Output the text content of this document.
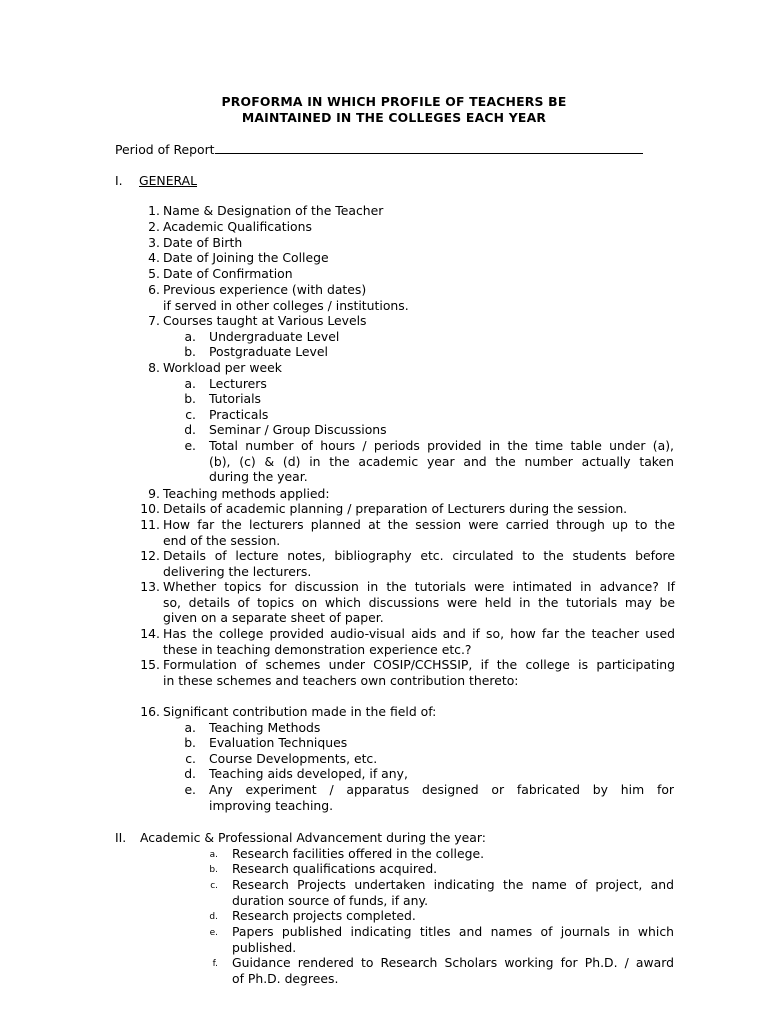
PROFORMA IN WHICH PROFILE OF TEACHERS BE
MAINTAINED IN THE COLLEGES EACH YEAR
Period of Report
I. GENERAL
1. Name & Designation of the Teacher
2. Academic Qualifications
3. Date of Birth
4. Date of Joining the College
5. Date of Confirmation
6. Previous experience (with dates)
if served in other colleges / institutions.
7. Courses taught at Various Levels
a. Undergraduate Level
b. Postgraduate Level
8. Workload per week
a. Lecturers
b. Tutorials
c. Practicals
d. Seminar / Group Discussions
e. Total number of hours / periods provided in the time table under (a),
(b), (c) & (d) in the academic year and the number actually taken
during the year.
9. Teaching methods applied:
10. Details of academic planning / preparation of Lecturers during the session.
11. How far the lecturers planned at the session were carried through up to the
end of the session.
12. Details of lecture notes, bibliography etc. circulated to the students before
delivering the lecturers.
13. Whether topics for discussion in the tutorials were intimated in advance? If
so, details of topics on which discussions were held in the tutorials may be
given on a separate sheet of paper.
14. Has the college provided audio-visual aids and if so, how far the teacher used
these in teaching demonstration experience etc.?
15. Formulation of schemes under COSIP/CCHSSIP, if the college is participating
in these schemes and teachers own contribution thereto:
16. Significant contribution made in the field of:
a. Teaching Methods
b. Evaluation Techniques
c. Course Developments, etc.
d. Teaching aids developed, if any,
e. Any experiment / apparatus designed or fabricated by him for
improving teaching.
II. Academic & Professional Advancement during the year:
a. Research facilities offered in the college.
b. Research qualifications acquired.
c. Research Projects undertaken indicating the name of project, and
duration source of funds, if any.
d. Research projects completed.
e. Papers published indicating titles and names of journals in which
published.
f. Guidance rendered to Research Scholars working for Ph.D. / award
of Ph.D. degrees.
